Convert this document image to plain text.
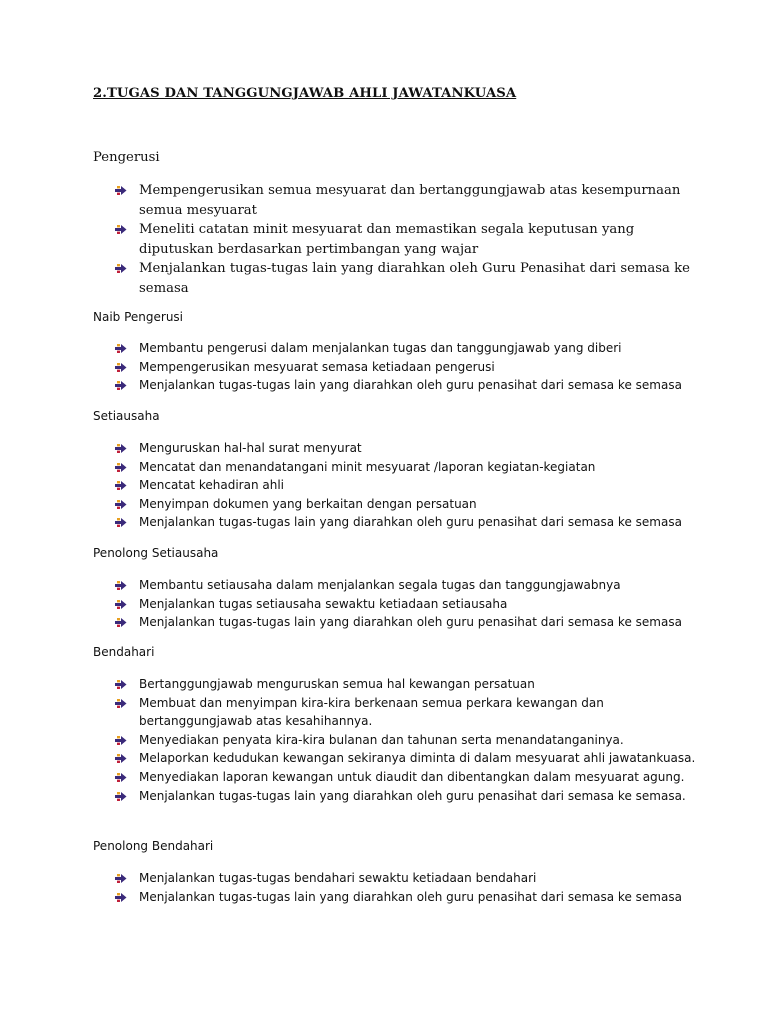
2.TUGAS DAN TANGGUNGJAWAB AHLI JAWATANKUASA
Pengerusi
Mempengerusikan semua mesyuarat dan bertanggungjawab atas kesempurnaan semua mesyuarat
Meneliti catatan minit mesyuarat dan memastikan segala keputusan yang diputuskan berdasarkan pertimbangan yang wajar
Menjalankan tugas-tugas lain yang diarahkan oleh Guru Penasihat dari semasa ke semasa
Naib Pengerusi
Membantu pengerusi dalam menjalankan tugas dan tanggungjawab yang diberi
Mempengerusikan mesyuarat semasa ketiadaan pengerusi
Menjalankan tugas-tugas lain yang diarahkan oleh guru penasihat dari semasa ke semasa
Setiausaha
Menguruskan hal-hal surat menyurat
Mencatat dan menandatangani minit mesyuarat /laporan kegiatan-kegiatan
Mencatat kehadiran ahli
Menyimpan dokumen yang berkaitan dengan persatuan
Menjalankan tugas-tugas lain yang diarahkan oleh guru penasihat dari semasa ke semasa
Penolong Setiausaha
Membantu setiausaha dalam menjalankan segala tugas dan tanggungjawabnya
Menjalankan tugas setiausaha sewaktu ketiadaan setiausaha
Menjalankan tugas-tugas lain yang diarahkan oleh guru penasihat dari semasa ke semasa
Bendahari
Bertanggungjawab menguruskan semua hal kewangan persatuan
Membuat dan menyimpan kira-kira berkenaan semua perkara kewangan dan bertanggungjawab atas kesahihannya.
Menyediakan penyata kira-kira bulanan dan tahunan serta menandatanganinya.
Melaporkan kedudukan kewangan sekiranya diminta di dalam mesyuarat ahli jawatankuasa.
Menyediakan laporan kewangan untuk diaudit dan dibentangkan dalam mesyuarat agung.
Menjalankan tugas-tugas lain yang diarahkan oleh guru penasihat dari semasa ke semasa.
Penolong Bendahari
Menjalankan tugas-tugas bendahari sewaktu ketiadaan bendahari
Menjalankan tugas-tugas lain yang diarahkan oleh guru penasihat dari semasa ke semasa
